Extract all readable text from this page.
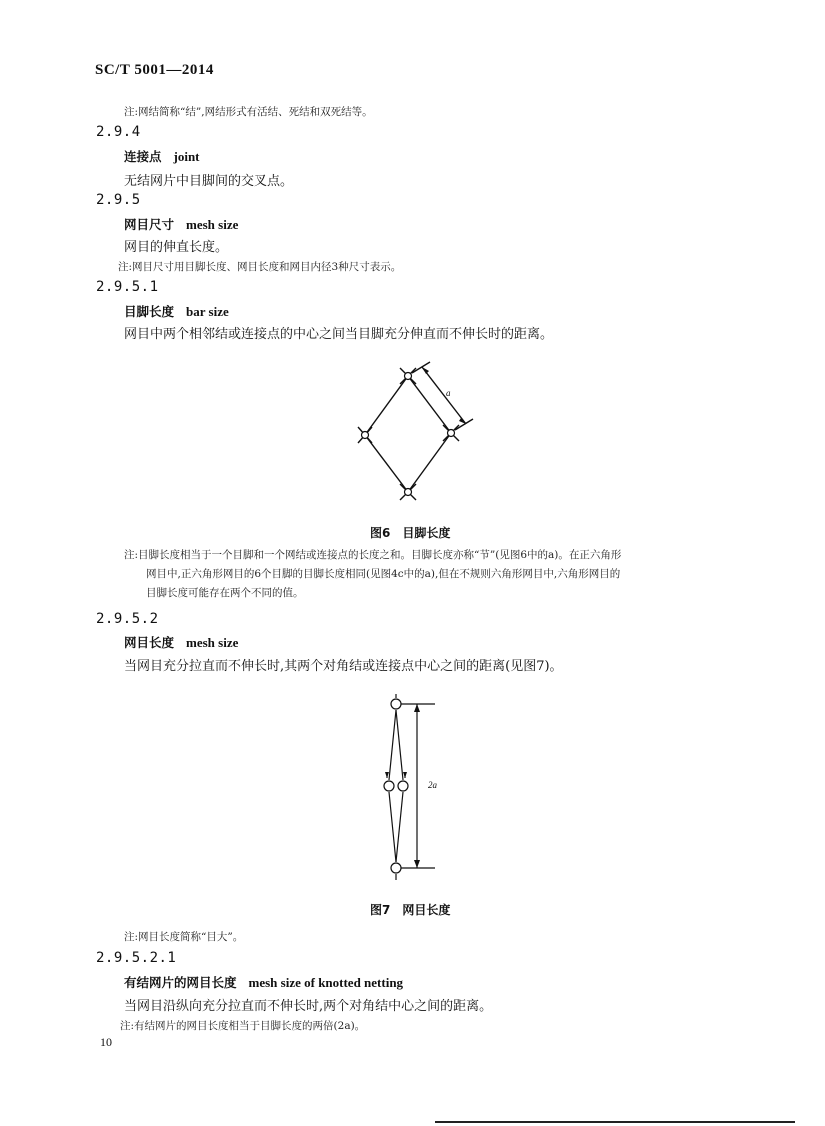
SC/T 5001—2014
注:网结简称“结”,网结形式有活结、死结和双死结等。
2.9.4
连接点 joint
无结网片中目脚间的交叉点。
2.9.5
网目尺寸 mesh size
网目的伸直长度。
注:网目尺寸用目脚长度、网目长度和网目内径3种尺寸表示。
2.9.5.1
目脚长度 bar size
网目中两个相邻结或连接点的中心之间当目脚充分伸直而不伸长时的距离。
a
图6　目脚长度
注:目脚长度相当于一个目脚和一个网结或连接点的长度之和。目脚长度亦称“节”(见图6中的a)。在正六角形
网目中,正六角形网目的6个目脚的目脚长度相同(见图4c中的a),但在不规则六角形网目中,六角形网目的
目脚长度可能存在两个不同的值。
2.9.5.2
网目长度 mesh size
当网目充分拉直而不伸长时,其两个对角结或连接点中心之间的距离(见图7)。
2a
图7　网目长度
注:网目长度简称“目大”。
2.9.5.2.1
有结网片的网目长度 mesh size of knotted netting
当网目沿纵向充分拉直而不伸长时,两个对角结中心之间的距离。
注:有结网片的网目长度相当于目脚长度的两倍(2a)。
10
